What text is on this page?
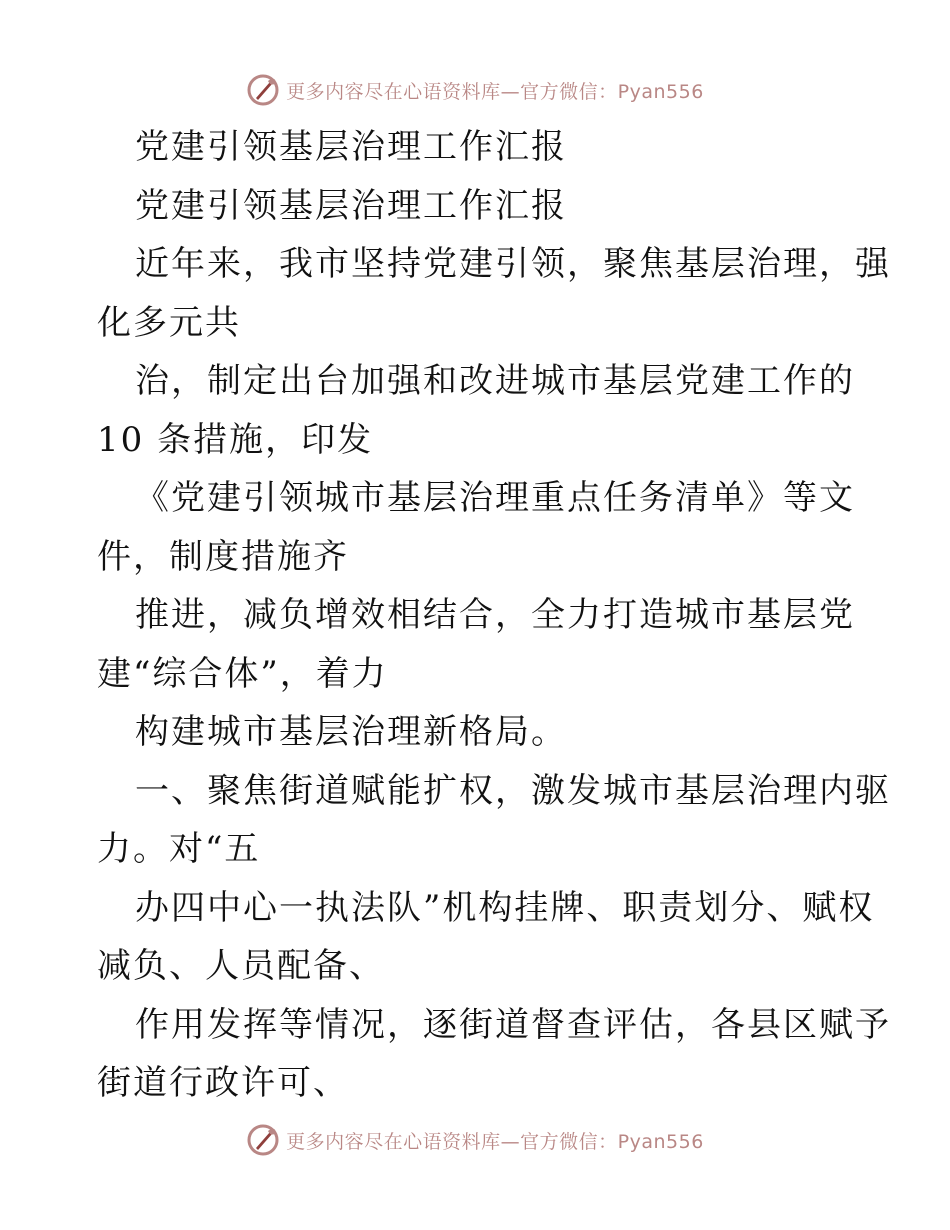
更多内容尽在心语资料库—官方微信：Pyan556
党建引领基层治理工作汇报
党建引领基层治理工作汇报
近年来，我市坚持党建引领，聚焦基层治理，强
化多元共
治，制定出台加强和改进城市基层党建工作的
10 条措施，印发
《党建引领城市基层治理重点任务清单》等文
件，制度措施齐
推进，减负增效相结合，全力打造城市基层党
建“综合体”，着力
构建城市基层治理新格局。
一、聚焦街道赋能扩权，激发城市基层治理内驱
力。对“五
办四中心一执法队”机构挂牌、职责划分、赋权
减负、人员配备、
作用发挥等情况，逐街道督查评估，各县区赋予
街道行政许可、
更多内容尽在心语资料库—官方微信：Pyan556
